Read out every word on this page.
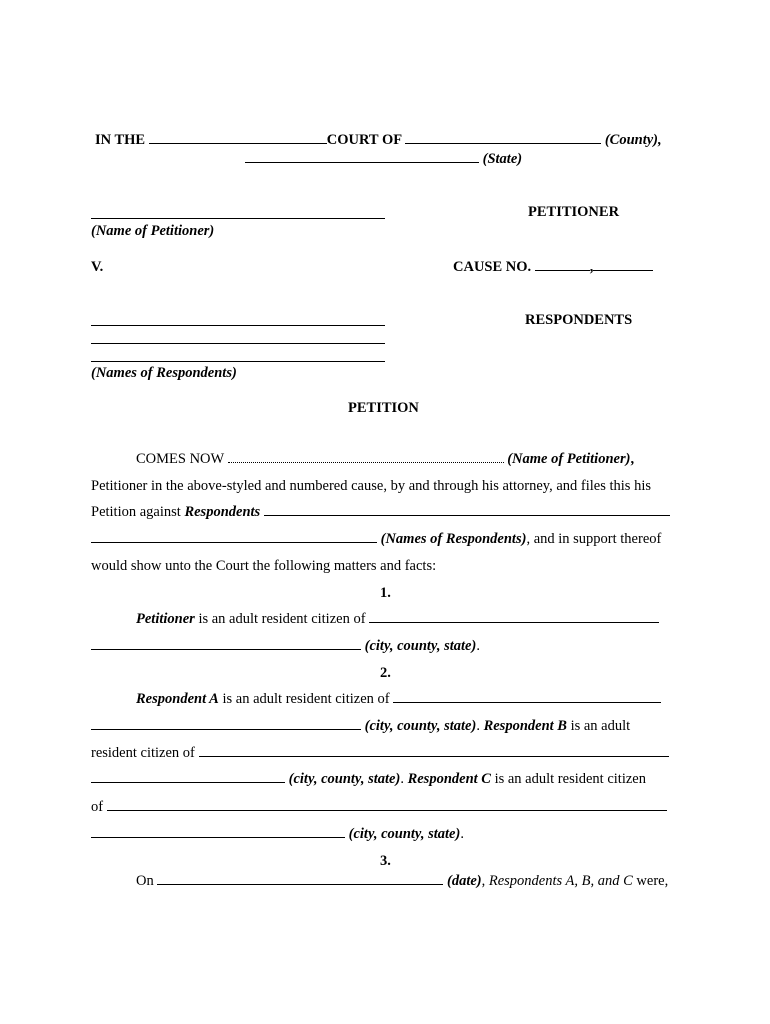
IN THE	COURT OF	(County),
(State)
PETITIONER
(Name of Petitioner)
V.	CAUSE NO.	,
RESPONDENTS
(Names of Respondents)
PETITION
COMES NOW	(Name of Petitioner),
Petitioner in the above-styled and numbered cause, by and through his attorney, and files this his
Petition against Respondents
(Names of Respondents), and in support thereof
would show unto the Court the following matters and facts:
1.
Petitioner is an adult resident citizen of
(city, county, state).
2.
Respondent A is an adult resident citizen of
(city, county, state). Respondent B is an adult
resident citizen of
(city, county, state). Respondent C is an adult resident citizen
of
(city, county, state).
3.
On	(date), Respondents A, B, and C were,
